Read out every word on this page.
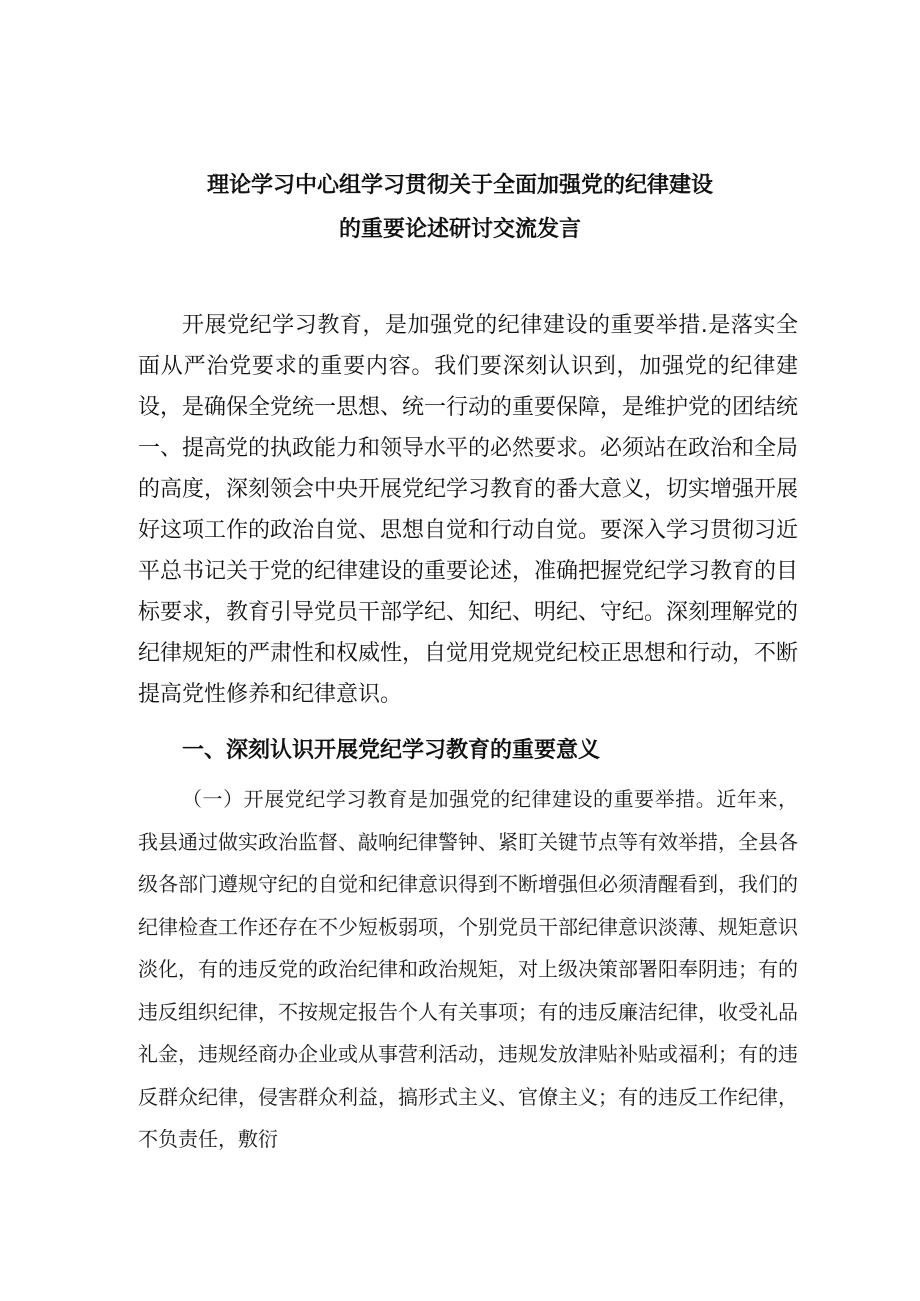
理论学习中心组学习贯彻关于全面加强党的纪律建设
的重要论述研讨交流发言

开展党纪学习教育，是加强党的纪律建设的重要举措.是落实全面从严治党要求的重要内容。我们要深刻认识到，加强党的纪律建设，是确保全党统一思想、统一行动的重要保障，是维护党的团结统一、提高党的执政能力和领导水平的必然要求。必须站在政治和全局的高度，深刻领会中央开展党纪学习教育的番大意义，切实增强开展好这项工作的政治自觉、思想自觉和行动自觉。要深入学习贯彻习近平总书记关于党的纪律建设的重要论述，准确把握党纪学习教育的目标要求，教育引导党员干部学纪、知纪、明纪、守纪。深刻理解党的纪律规矩的严肃性和权威性，自觉用党规党纪校正思想和行动，不断提高党性修养和纪律意识。

一、深刻认识开展党纪学习教育的重要意义

（一）开展党纪学习教育是加强党的纪律建设的重要举措。近年来，我县通过做实政治监督、敲响纪律警钟、紧盯关键节点等有效举措，全县各级各部门遵规守纪的自觉和纪律意识得到不断增强但必须清醒看到，我们的纪律检查工作还存在不少短板弱项，个别党员干部纪律意识淡薄、规矩意识淡化，有的违反党的政治纪律和政治规矩，对上级决策部署阳奉阴违；有的违反组织纪律，不按规定报告个人有关事项；有的违反廉洁纪律，收受礼品礼金，违规经商办企业或从事营利活动，违规发放津贴补贴或福利；有的违反群众纪律，侵害群众利益，搞形式主义、官僚主义；有的违反工作纪律，不负责任，敷衍
